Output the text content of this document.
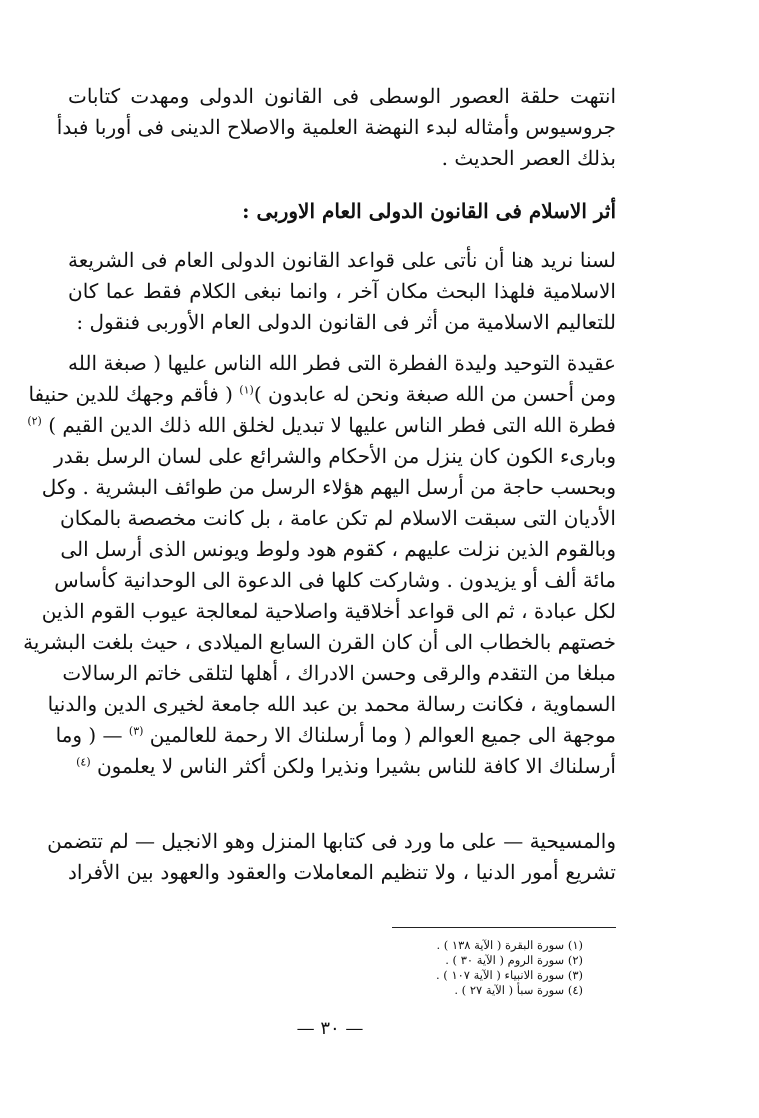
انتهت حلقة العصور الوسطى فى القانون الدولى ومهدت كتابات
جروسيوس وأمثاله لبدء النهضة العلمية والاصلاح الدينى فى أوربا فبدأ
بذلك العصر الحديث .
أثر الاسلام فى القانون الدولى العام الاوربى :
لسنا نريد هنا أن نأتى على قواعد القانون الدولى العام فى الشريعة
الاسلامية فلهذا البحث مكان آخر ، وانما نبغى الكلام فقط عما كان
للتعاليم الاسلامية من أثر فى القانون الدولى العام الأوربى فنقول :
عقيدة التوحيد وليدة الفطرة التى فطر الله الناس عليها ( صبغة الله
ومن أحسن من الله صبغة ونحن له عابدون )$^{(١)}$ ( فأقم وجهك للدين حنيفا
فطرة الله التى فطر الناس عليها لا تبديل لخلق الله ذلك الدين القيم ) $^{(٢)}$
وبارىء الكون كان ينزل من الأحكام والشرائع على لسان الرسل بقدر
وبحسب حاجة من أرسل اليهم هؤلاء الرسل من طوائف البشرية . وكل
الأديان التى سبقت الاسلام لم تكن عامة ، بل كانت مخصصة بالمكان
وبالقوم الذين نزلت عليهم ، كقوم هود ولوط ويونس الذى أرسل الى
مائة ألف أو يزيدون . وشاركت كلها فى الدعوة الى الوحدانية كأساس
لكل عبادة ، ثم الى قواعد أخلاقية واصلاحية لمعالجة عيوب القوم الذين
خصتهم بالخطاب الى أن كان القرن السابع الميلادى ، حيث بلغت البشرية
مبلغا من التقدم والرقى وحسن الادراك ، أهلها لتلقى خاتم الرسالات
السماوية ، فكانت رسالة محمد بن عبد الله جامعة لخيرى الدين والدنيا
موجهة الى جميع العوالم ( وما أرسلناك الا رحمة للعالمين $^{(٣)}$ — ( وما
أرسلناك الا كافة للناس بشيرا ونذيرا ولكن أكثر الناس لا يعلمون $^{(٤)}$
والمسيحية — على ما ورد فى كتابها المنزل وهو الانجيل — لم تتضمن
تشريع أمور الدنيا ، ولا تنظيم المعاملات والعقود والعهود بين الأفراد
(١) سورة البقرة ( الآية ١٣٨ ) .
(٢) سورة الروم ( الآية ٣٠ ) .
(٣) سورة الانبياء ( الآية ١٠٧ ) .
(٤) سورة سبأ ( الآية ٢٧ ) .
— ٣٠ —
